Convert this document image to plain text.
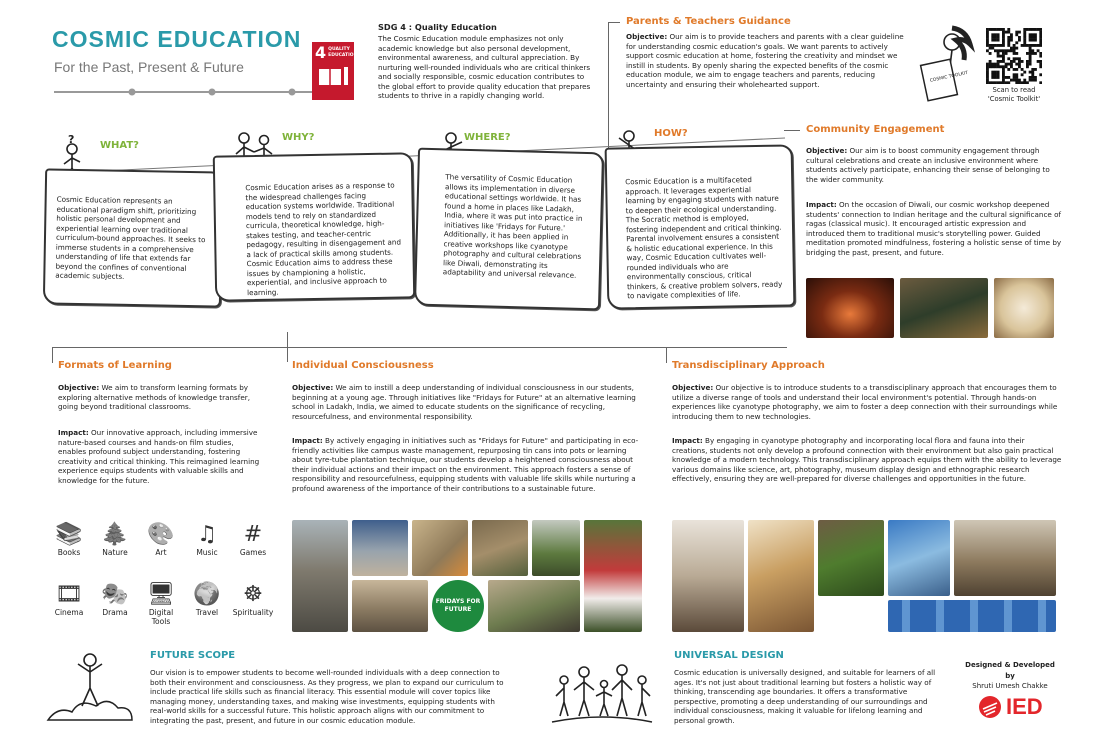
COSMIC EDUCATION
For the Past, Present & Future
4 QUALITY
EDUCATION
SDG 4 : Quality Education
The Cosmic Education module emphasizes not only academic knowledge but also personal development, environmental awareness, and cultural appreciation. By nurturing well-rounded individuals who are critical thinkers and socially responsible, cosmic education contributes to the global effort to provide quality education that prepares students to thrive in a rapidly changing world.
Parents & Teachers Guidance
Objective: Our aim is to provide teachers and parents with a clear guideline for understanding cosmic education's goals. We want parents to actively support cosmic education at home, fostering the creativity and mindset we instill in students. By openly sharing the expected benefits of the cosmic education module, we aim to engage teachers and parents, reducing uncertainty and ensuring their wholehearted support.
COSMIC TOOLKIT
Scan to read
'Cosmic Toolkit'
?	WHAT?
WHY?	WHERE?	HOW?
Cosmic Education represents an educational paradigm shift, prioritizing holistic personal development and experiential learning over traditional curriculum-bound approaches. It seeks to immerse students in a comprehensive understanding of life that extends far beyond the confines of conventional academic subjects.
Cosmic Education arises as a response to the widespread challenges facing education systems worldwide. Traditional models tend to rely on standardized curricula, theoretical knowledge, high-stakes testing, and teacher-centric pedagogy, resulting in disengagement and a lack of practical skills among students. Cosmic Education aims to address these issues by championing a holistic, experiential, and inclusive approach to learning.
The versatility of Cosmic Education allows its implementation in diverse educational settings worldwide. It has found a home in places like Ladakh, India, where it was put into practice in initiatives like 'Fridays for Future.' Additionally, it has been applied in creative workshops like cyanotype photography and cultural celebrations like Diwali, demonstrating its adaptability and universal relevance.
Cosmic Education is a multifaceted approach. It leverages experiential learning by engaging students with nature to deepen their ecological understanding. The Socratic method is employed, fostering independent and critical thinking. Parental involvement ensures a consistent & holistic educational experience. In this way, Cosmic Education cultivates well-rounded individuals who are environmentally conscious, critical thinkers, & creative problem solvers, ready to navigate complexities of life.
Community Engagement
Objective: Our aim is to boost community engagement through cultural celebrations and create an inclusive environment where students actively participate, enhancing their sense of belonging to the wider community.
Impact: On the occasion of Diwali, our cosmic workshop deepened students' connection to Indian heritage and the cultural significance of ragas (classical music). It encouraged artistic expression and introduced them to traditional music's storytelling power. Guided meditation promoted mindfulness, fostering a holistic sense of time by bridging the past, present, and future.
Formats of Learning
Objective: We aim to transform learning formats by exploring alternative methods of knowledge transfer, going beyond traditional classrooms.
Impact: Our innovative approach, including immersive nature-based courses and hands-on film studies, enables profound subject understanding, fostering creativity and critical thinking. This reimagined learning experience equips students with valuable skills and knowledge for the future.
📚
Books
🌲
Nature
🎨
Art
♫
Music
#
Games
🎞
Cinema
🎭
Drama
🖥
Digital Tools
🌍
Travel
☸
Spirituality
Individual Consciousness
Objective: We aim to instill a deep understanding of individual consciousness in our students, beginning at a young age. Through initiatives like "Fridays for Future" at an alternative learning school in Ladakh, India, we aimed to educate students on the significance of recycling, resourcefulness, and environmental responsibility.
Impact: By actively engaging in initiatives such as "Fridays for Future" and participating in eco-friendly activities like campus waste management, repurposing tin cans into pots or learning about tyre-tube plantation technique, our students develop a heightened consciousness about their individual actions and their impact on the environment. This approach fosters a sense of responsibility and resourcefulness, equipping students with valuable life skills while nurturing a profound awareness of the importance of their contributions to a sustainable future.
FRIDAYS FOR
FUTURE
Transdisciplinary Approach
Objective: Our objective is to introduce students to a transdisciplinary approach that encourages them to utilize a diverse range of tools and understand their local environment's potential. Through hands-on experiences like cyanotype photography, we aim to foster a deep connection with their surroundings while introducing them to new technologies.
Impact: By engaging in cyanotype photography and incorporating local flora and fauna into their creations, students not only develop a profound connection with their environment but also gain practical knowledge of a modern technology. This transdisciplinary approach equips them with the ability to leverage various domains like science, art, photography, museum display design and ethnographic research effectively, ensuring they are well-prepared for diverse challenges and opportunities in the future.
FUTURE SCOPE
Our vision is to empower students to become well-rounded individuals with a deep connection to both their environment and consciousness. As they progress, we plan to expand our curriculum to include practical life skills such as financial literacy. This essential module will cover topics like managing money, understanding taxes, and making wise investments, equipping students with real-world skills for a successful future. This holistic approach aligns with our commitment to integrating the past, present, and future in our cosmic education module.
UNIVERSAL DESIGN
Cosmic education is universally designed, and suitable for learners of all ages. It's not just about traditional learning but fosters a holistic way of thinking, transcending age boundaries. It offers a transformative perspective, promoting a deep understanding of our surroundings and individual consciousness, making it valuable for lifelong learning and personal growth.
Designed & Developed by
Shruti Umesh Chakke
IED
